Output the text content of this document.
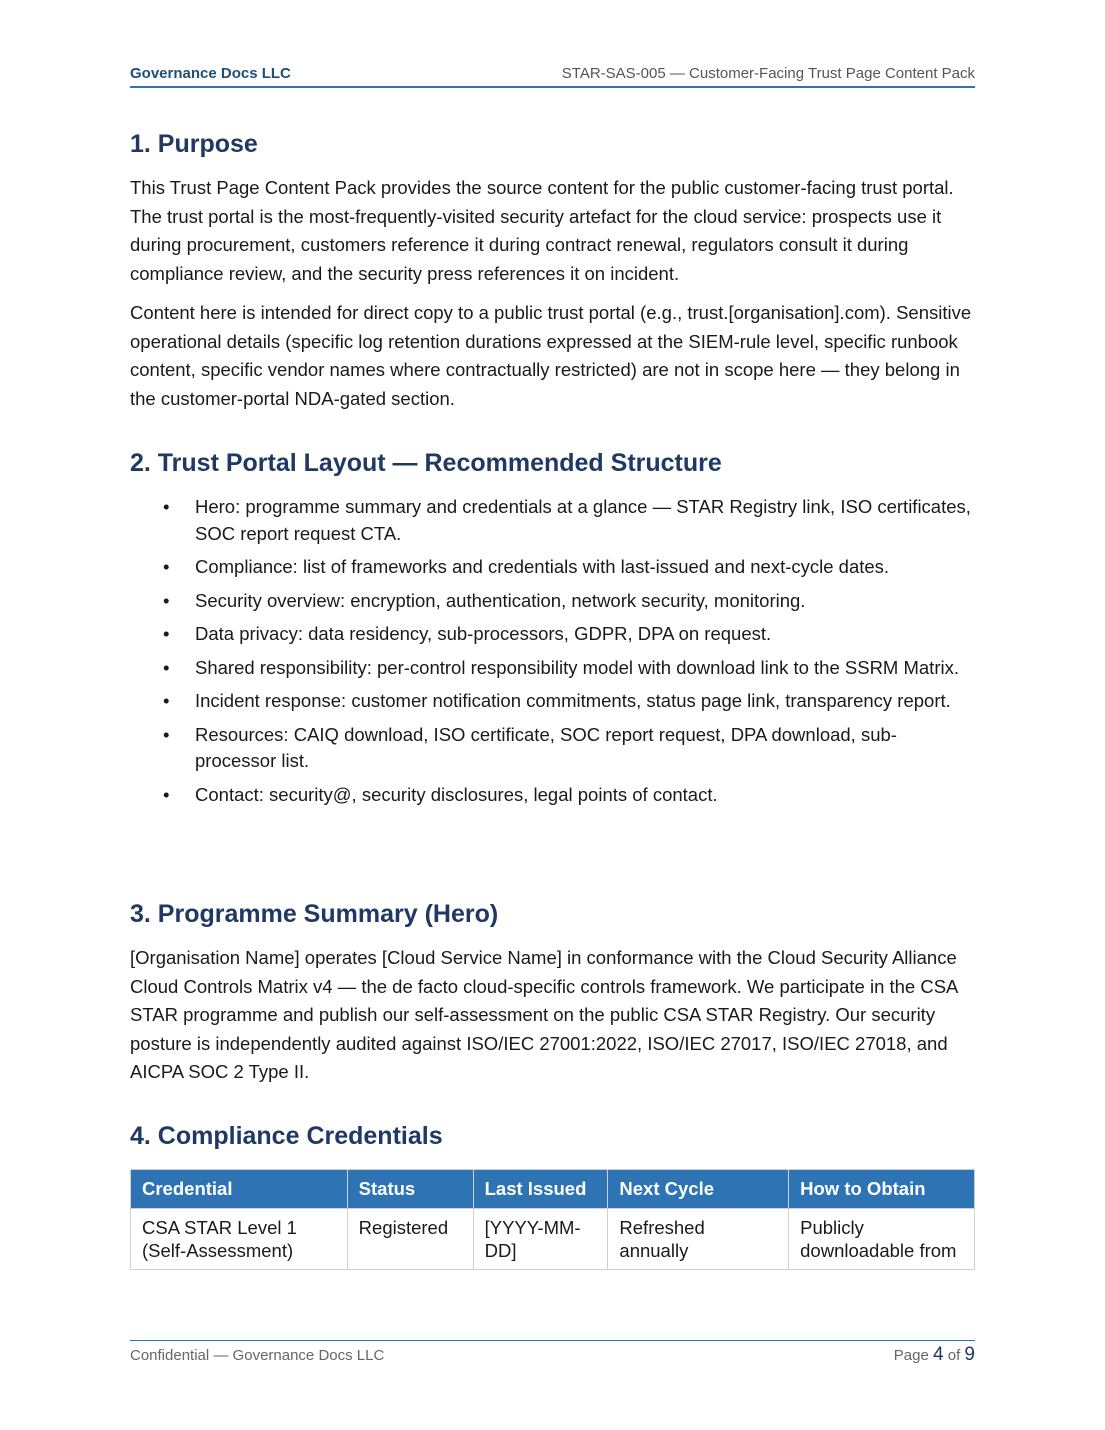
Governance Docs LLC	STAR-SAS-005 — Customer-Facing Trust Page Content Pack
1. Purpose

This Trust Page Content Pack provides the source content for the public customer-facing trust portal. The trust portal is the most-frequently-visited security artefact for the cloud service: prospects use it during procurement, customers reference it during contract renewal, regulators consult it during compliance review, and the security press references it on incident.

Content here is intended for direct copy to a public trust portal (e.g., trust.[organisation].com). Sensitive operational details (specific log retention durations expressed at the SIEM-rule level, specific runbook content, specific vendor names where contractually restricted) are not in scope here — they belong in the customer-portal NDA-gated section.

2. Trust Portal Layout — Recommended Structure
• Hero: programme summary and credentials at a glance — STAR Registry link, ISO certificates, SOC report request CTA.
• Compliance: list of frameworks and credentials with last-issued and next-cycle dates.
• Security overview: encryption, authentication, network security, monitoring.
• Data privacy: data residency, sub-processors, GDPR, DPA on request.
• Shared responsibility: per-control responsibility model with download link to the SSRM Matrix.
• Incident response: customer notification commitments, status page link, transparency report.
• Resources: CAIQ download, ISO certificate, SOC report request, DPA download, sub-processor list.
• Contact: security@, security disclosures, legal points of contact.
3. Programme Summary (Hero)

[Organisation Name] operates [Cloud Service Name] in conformance with the Cloud Security Alliance Cloud Controls Matrix v4 — the de facto cloud-specific controls framework. We participate in the CSA STAR programme and publish our self-assessment on the public CSA STAR Registry. Our security posture is independently audited against ISO/IEC 27001:2022, ISO/IEC 27017, ISO/IEC 27018, and AICPA SOC 2 Type II.

4. Compliance Credentials
Credential	Status	Last Issued	Next Cycle	How to Obtain
CSA STAR Level 1 (Self-Assessment)	Registered	[YYYY-MM-DD]	Refreshed annually	Publicly downloadable from
Confidential — Governance Docs LLC	Page 4 of 9
